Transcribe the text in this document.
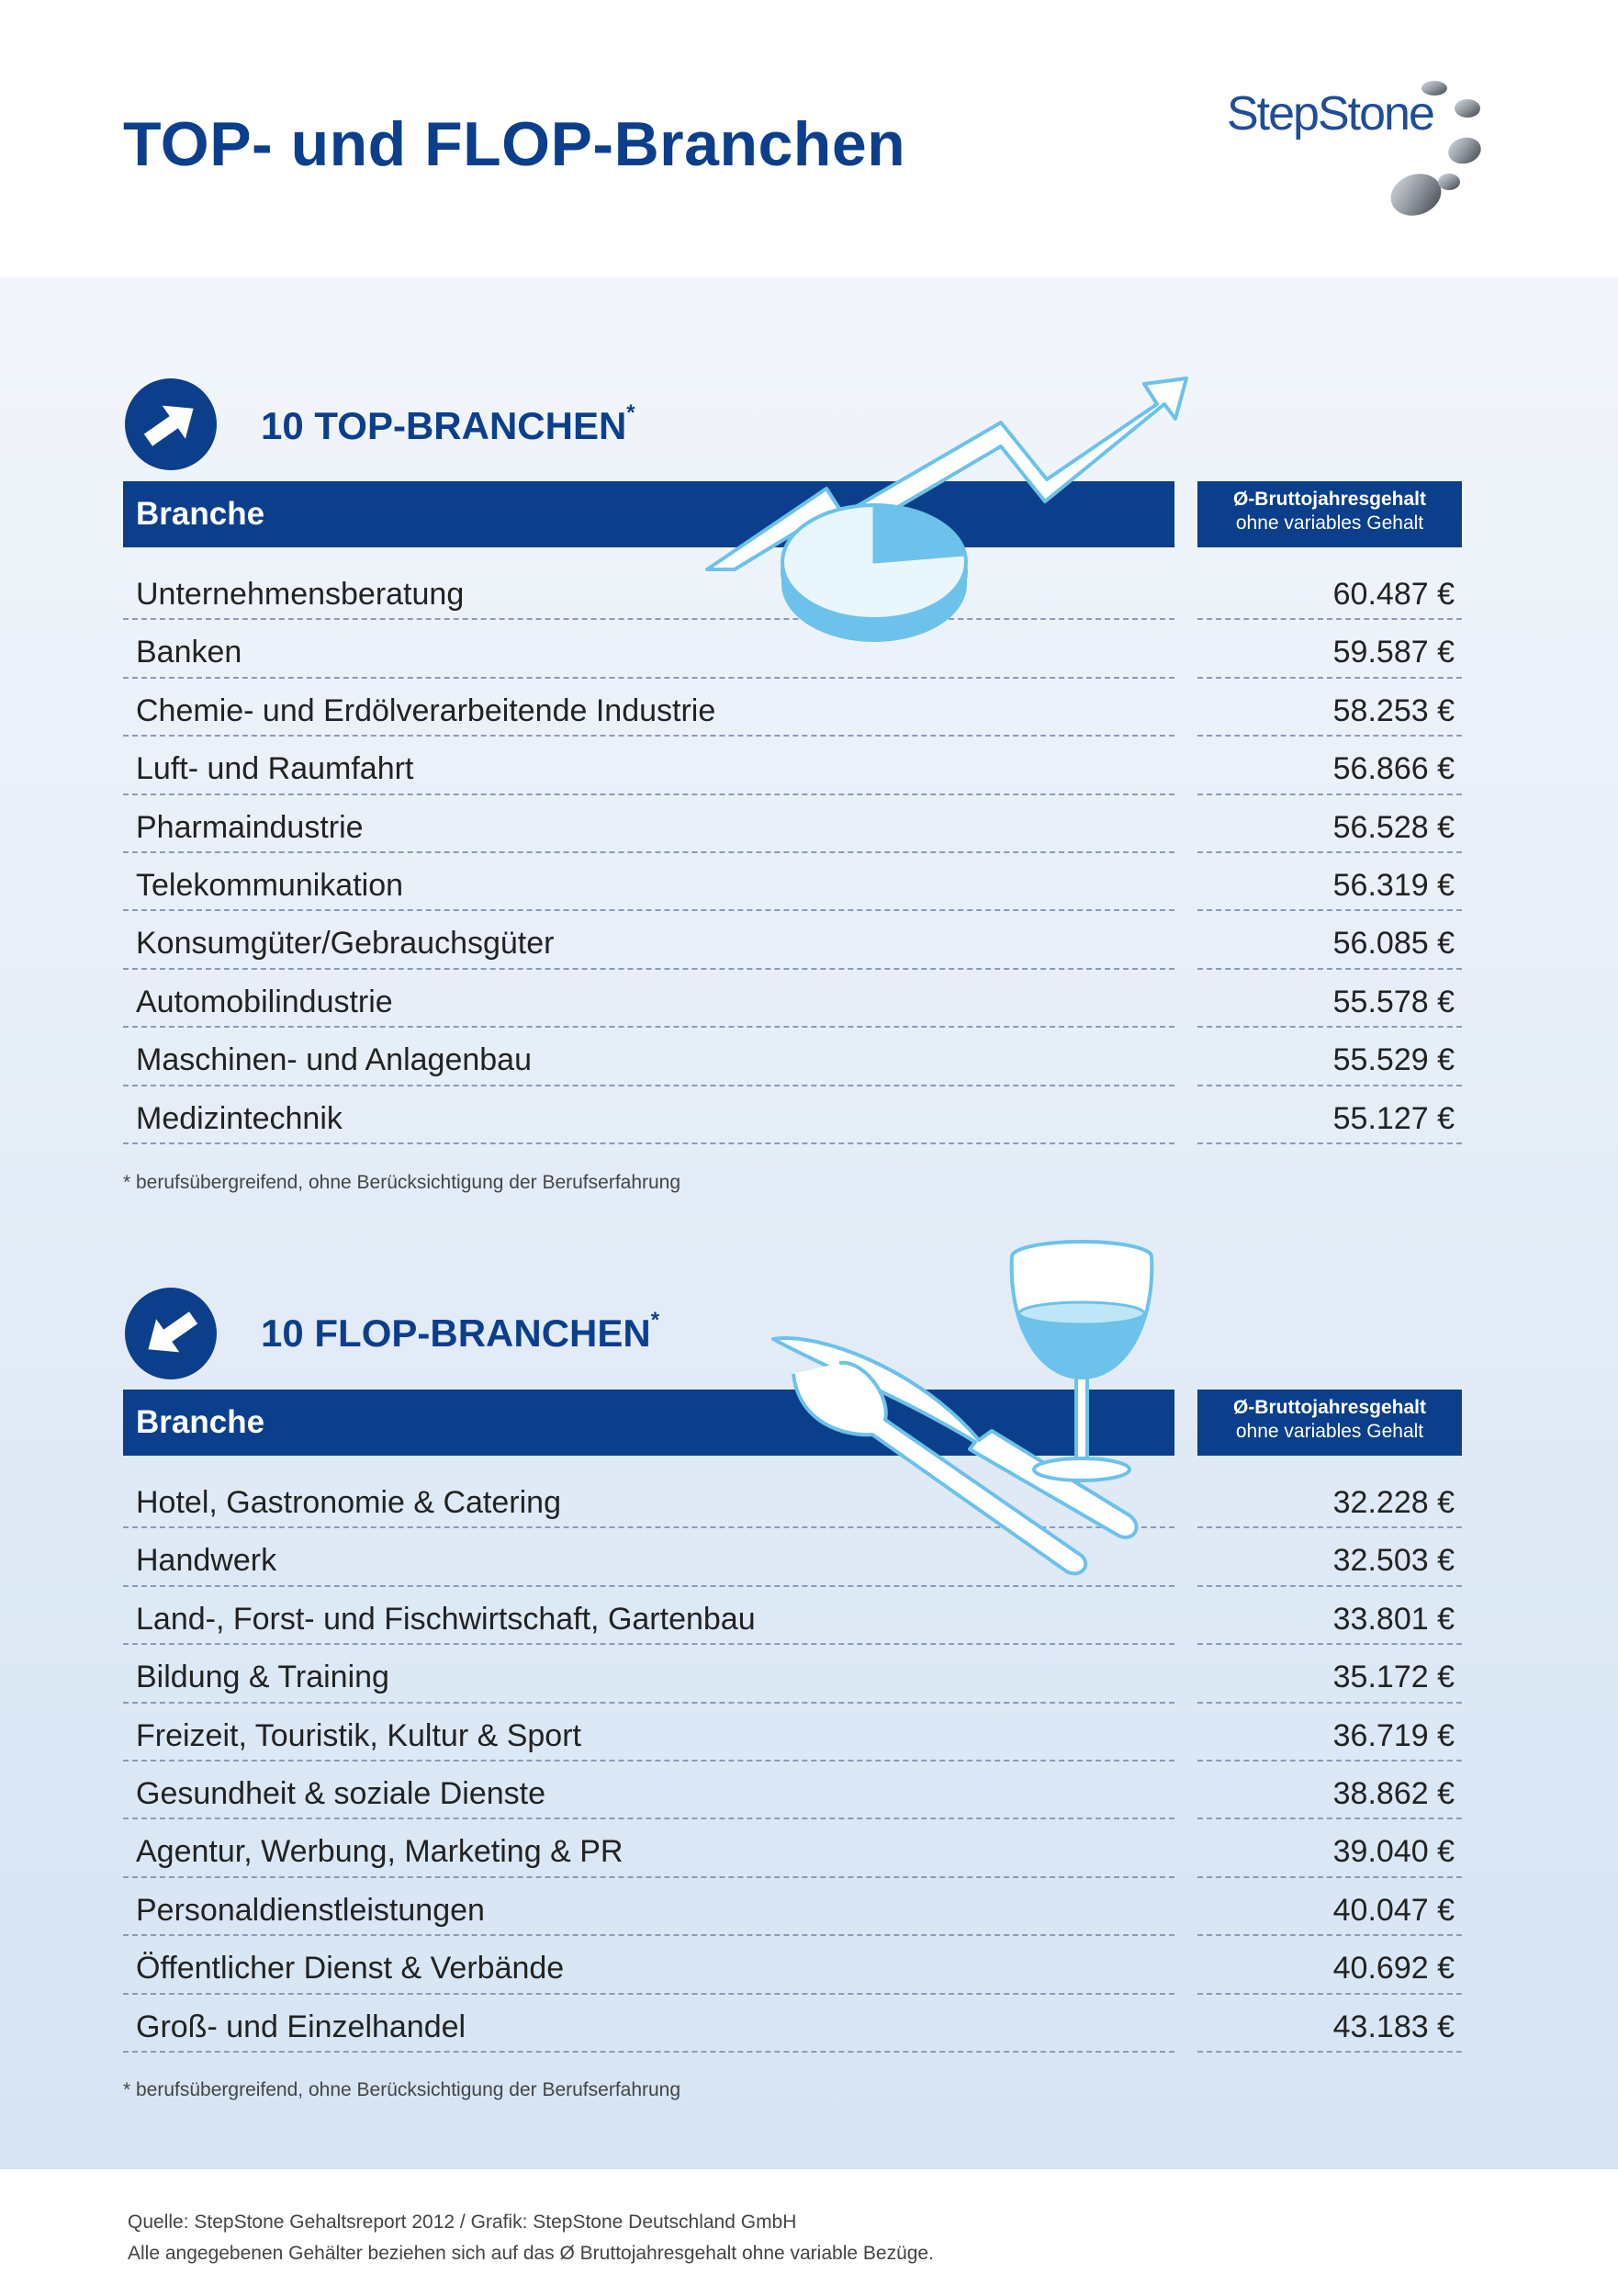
TOP- und FLOP-Branchen	StepStone
10 TOP-BRANCHEN*
Branche	Ø-Bruttojahresgehalt
ohne variables Gehalt
Unternehmensberatung	60.487 €
Banken	59.587 €
Chemie- und Erdölverarbeitende Industrie	58.253 €
Luft- und Raumfahrt	56.866 €
Pharmaindustrie	56.528 €
Telekommunikation	56.319 €
Konsumgüter/Gebrauchsgüter	56.085 €
Automobilindustrie	55.578 €
Maschinen- und Anlagenbau	55.529 €
Medizintechnik	55.127 €

* berufsübergreifend, ohne Berücksichtigung der Berufserfahrung

10 FLOP-BRANCHEN*
Branche	Ø-Bruttojahresgehalt
ohne variables Gehalt
Hotel, Gastronomie & Catering	32.228 €
Handwerk	32.503 €
Land-, Forst- und Fischwirtschaft, Gartenbau	33.801 €
Bildung & Training	35.172 €
Freizeit, Touristik, Kultur & Sport	36.719 €
Gesundheit & soziale Dienste	38.862 €
Agentur, Werbung, Marketing & PR	39.040 €
Personaldienstleistungen	40.047 €
Öffentlicher Dienst & Verbände	40.692 €
Groß- und Einzelhandel	43.183 €

* berufsübergreifend, ohne Berücksichtigung der Berufserfahrung

Quelle: StepStone Gehaltsreport 2012 / Grafik: StepStone Deutschland GmbH

Alle angegebenen Gehälter beziehen sich auf das Ø Bruttojahresgehalt ohne variable Bezüge.
